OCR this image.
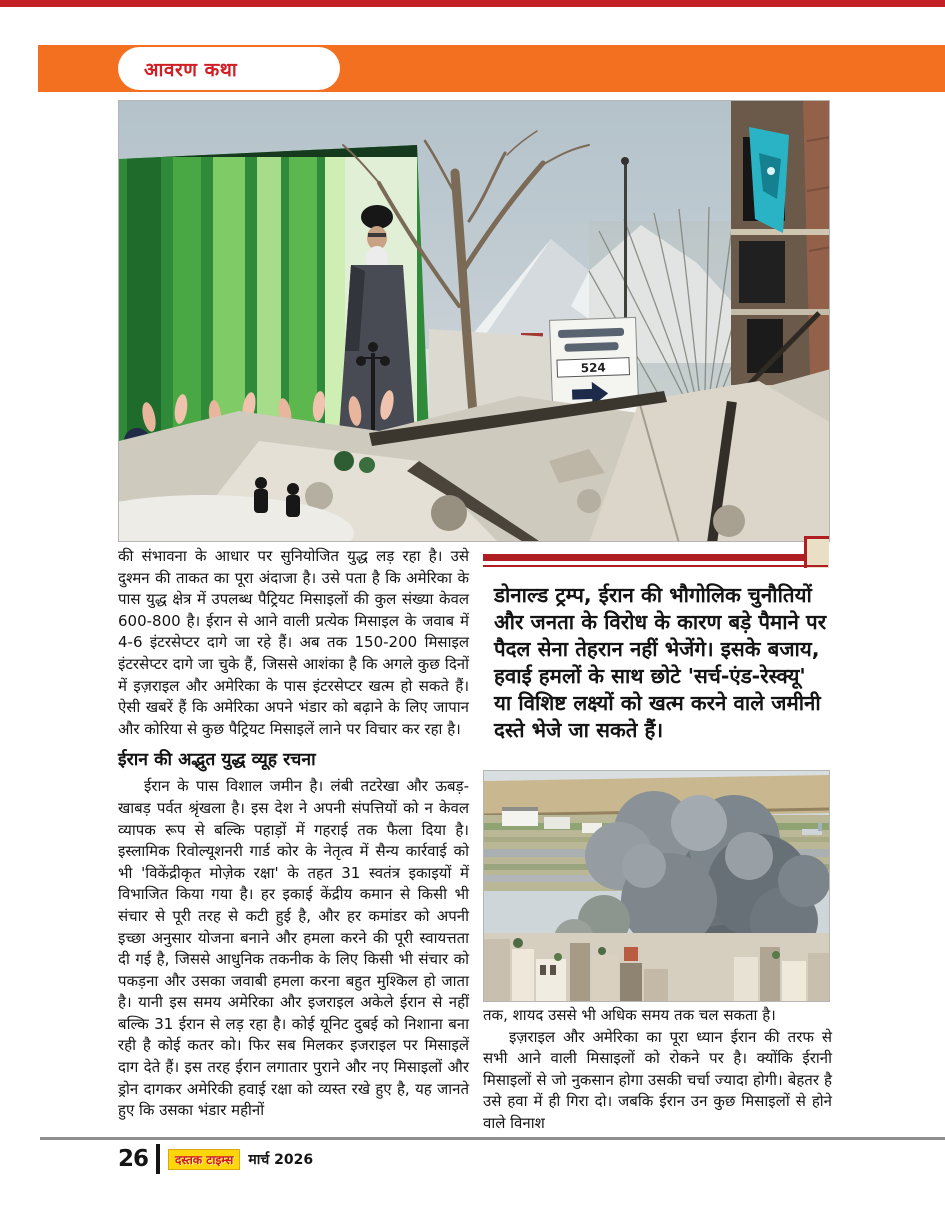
आवरण कथा
524

की संभावना के आधार पर सुनियोजित युद्ध लड़ रहा है। उसे दुश्मन की ताकत का पूरा अंदाजा है। उसे पता है कि अमेरिका के पास युद्ध क्षेत्र में उपलब्ध पैट्रियट मिसाइलों की कुल संख्या केवल 600-800 है। ईरान से आने वाली प्रत्येक मिसाइल के जवाब में 4-6 इंटरसेप्टर दागे जा रहे हैं। अब तक 150-200 मिसाइल इंटरसेप्टर दागे जा चुके हैं, जिससे आशंका है कि अगले कुछ दिनों में इज़राइल और अमेरिका के पास इंटरसेप्टर खत्म हो सकते हैं। ऐसी खबरें हैं कि अमेरिका अपने भंडार को बढ़ाने के लिए जापान और कोरिया से कुछ पैट्रियट मिसाइलें लाने पर विचार कर रहा है।

ईरान की अद्भुत युद्ध व्यूह रचना

ईरान के पास विशाल जमीन है। लंबी तटरेखा और ऊबड़-खाबड़ पर्वत श्रृंखला है। इस देश ने अपनी संपत्तियों को न केवल व्यापक रूप से बल्कि पहाड़ों में गहराई तक फैला दिया है। इस्लामिक रिवोल्यूशनरी गार्ड कोर के नेतृत्व में सैन्य कार्रवाई को भी 'विकेंद्रीकृत मोज़ेक रक्षा' के तहत 31 स्वतंत्र इकाइयों में विभाजित किया गया है। हर इकाई केंद्रीय कमान से किसी भी संचार से पूरी तरह से कटी हुई है, और हर कमांडर को अपनी इच्छा अनुसार योजना बनाने और हमला करने की पूरी स्वायत्तता दी गई है, जिससे आधुनिक तकनीक के लिए किसी भी संचार को पकड़ना और उसका जवाबी हमला करना बहुत मुश्किल हो जाता है। यानी इस समय अमेरिका और इजराइल अकेले ईरान से नहीं बल्कि 31 ईरान से लड़ रहा है। कोई यूनिट दुबई को निशाना बना रही है कोई कतर को। फिर सब मिलकर इजराइल पर मिसाइलें दाग देते हैं। इस तरह ईरान लगातार पुराने और नए मिसाइलों और ड्रोन दागकर अमेरिकी हवाई रक्षा को व्यस्त रखे हुए है, यह जानते हुए कि उसका भंडार महीनों

डोनाल्ड ट्रम्प, ईरान की भौगोलिक चुनौतियों और जनता के विरोध के कारण बड़े पैमाने पर पैदल सेना तेहरान नहीं भेजेंगे। इसके बजाय, हवाई हमलों के साथ छोटे 'सर्च-एंड-रेस्क्यू' या विशिष्ट लक्ष्यों को खत्म करने वाले जमीनी दस्ते भेजे जा सकते हैं।

तक, शायद उससे भी अधिक समय तक चल सकता है।

इज़राइल और अमेरिका का पूरा ध्यान ईरान की तरफ से सभी आने वाली मिसाइलों को रोकने पर है। क्योंकि ईरानी मिसाइलों से जो नुकसान होगा उसकी चर्चा ज्यादा होगी। बेहतर है उसे हवा में ही गिरा दो। जबकि ईरान उन कुछ मिसाइलों से होने वाले विनाश

26	दस्तक टाइम्स	मार्च 2026
